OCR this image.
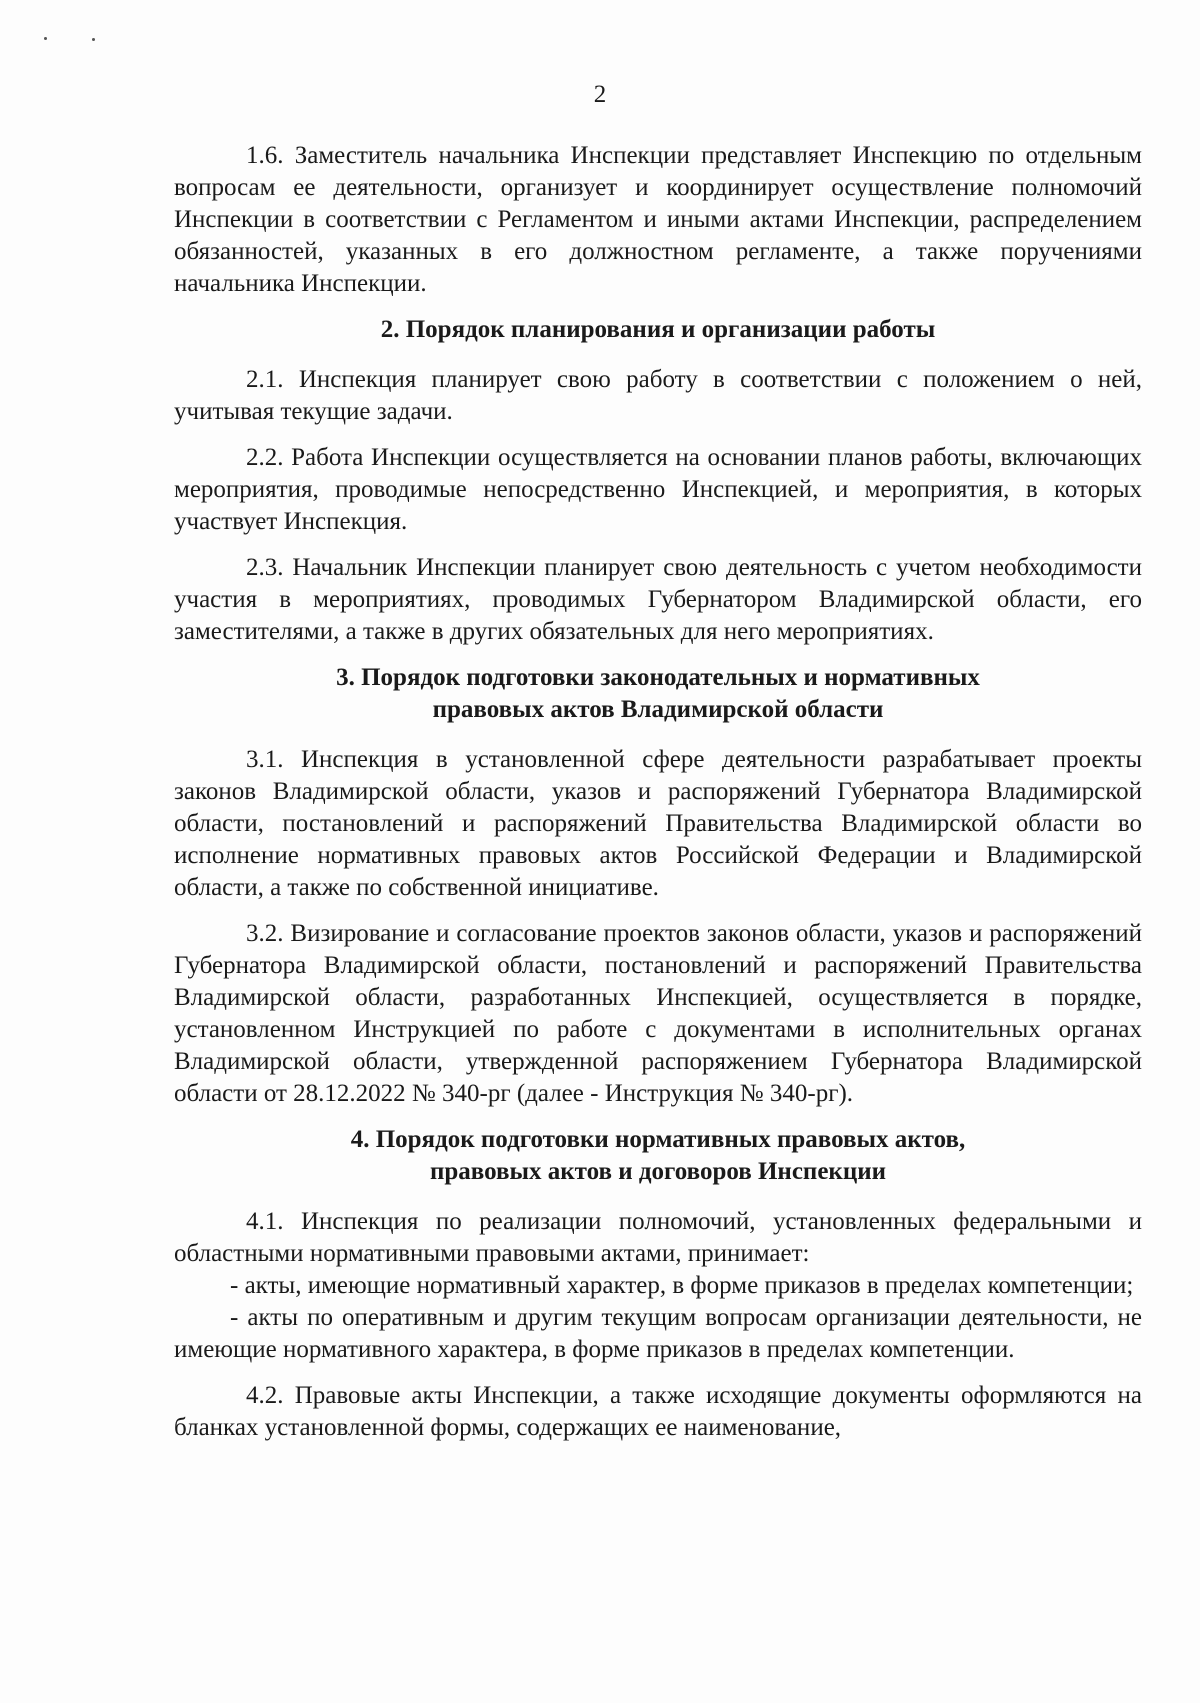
2

1.6. Заместитель начальника Инспекции представляет Инспекцию по отдельным вопросам ее деятельности, организует и координирует осуществление полномочий Инспекции в соответствии с Регламентом и иными актами Инспекции, распределением обязанностей, указанных в его должностном регламенте, а также поручениями начальника Инспекции.

2. Порядок планирования и организации работы

2.1. Инспекция планирует свою работу в соответствии с положением о ней, учитывая текущие задачи.

2.2. Работа Инспекции осуществляется на основании планов работы, включающих мероприятия, проводимые непосредственно Инспекцией, и мероприятия, в которых участвует Инспекция.

2.3. Начальник Инспекции планирует свою деятельность с учетом необходимости участия в мероприятиях, проводимых Губернатором Владимирской области, его заместителями, а также в других обязательных для него мероприятиях.

3. Порядок подготовки законодательных и нормативных
правовых актов Владимирской области

3.1. Инспекция в установленной сфере деятельности разрабатывает проекты законов Владимирской области, указов и распоряжений Губернатора Владимирской области, постановлений и распоряжений Правительства Владимирской области во исполнение нормативных правовых актов Российской Федерации и Владимирской области, а также по собственной инициативе.

3.2. Визирование и согласование проектов законов области, указов и распоряжений Губернатора Владимирской области, постановлений и распоряжений Правительства Владимирской области, разработанных Инспекцией, осуществляется в порядке, установленном Инструкцией по работе с документами в исполнительных органах Владимирской области, утвержденной распоряжением Губернатора Владимирской области от 28.12.2022 № 340-рг (далее - Инструкция № 340-рг).

4. Порядок подготовки нормативных правовых актов,
правовых актов и договоров Инспекции

4.1. Инспекция по реализации полномочий, установленных федеральными и областными нормативными правовыми актами, принимает:

- акты, имеющие нормативный характер, в форме приказов в пределах компетенции;

- акты по оперативным и другим текущим вопросам организации деятельности, не имеющие нормативного характера, в форме приказов в пределах компетенции.

4.2. Правовые акты Инспекции, а также исходящие документы оформляются на бланках установленной формы, содержащих ее наименование,
